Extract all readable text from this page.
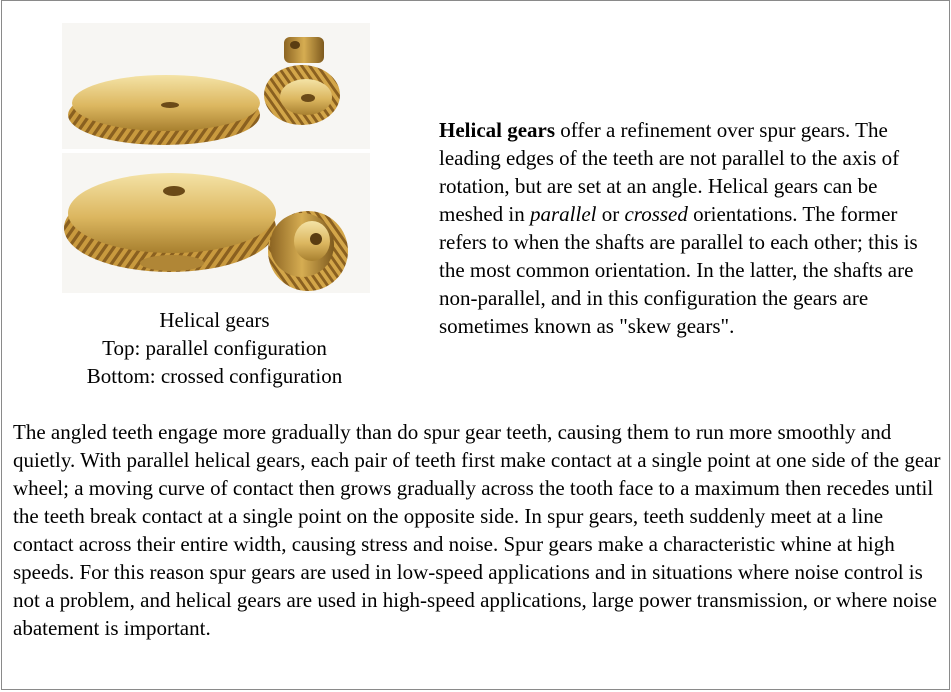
Helical gears
Top: parallel configuration
Bottom: crossed configuration
Helical gears offer a refinement over spur gears. The leading edges of the teeth are not parallel to the axis of rotation, but are set at an angle. Helical gears can be meshed in parallel or crossed orientations. The former refers to when the shafts are parallel to each other; this is the most common orientation. In the latter, the shafts are non-parallel, and in this configuration the gears are sometimes known as "skew gears".
The angled teeth engage more gradually than do spur gear teeth, causing them to run more smoothly and quietly. With parallel helical gears, each pair of teeth first make contact at a single point at one side of the gear wheel; a moving curve of contact then grows gradually across the tooth face to a maximum then recedes until the teeth break contact at a single point on the opposite side. In spur gears, teeth suddenly meet at a line contact across their entire width, causing stress and noise. Spur gears make a characteristic whine at high speeds. For this reason spur gears are used in low-speed applications and in situations where noise control is not a problem, and helical gears are used in high-speed applications, large power transmission, or where noise abatement is important.
